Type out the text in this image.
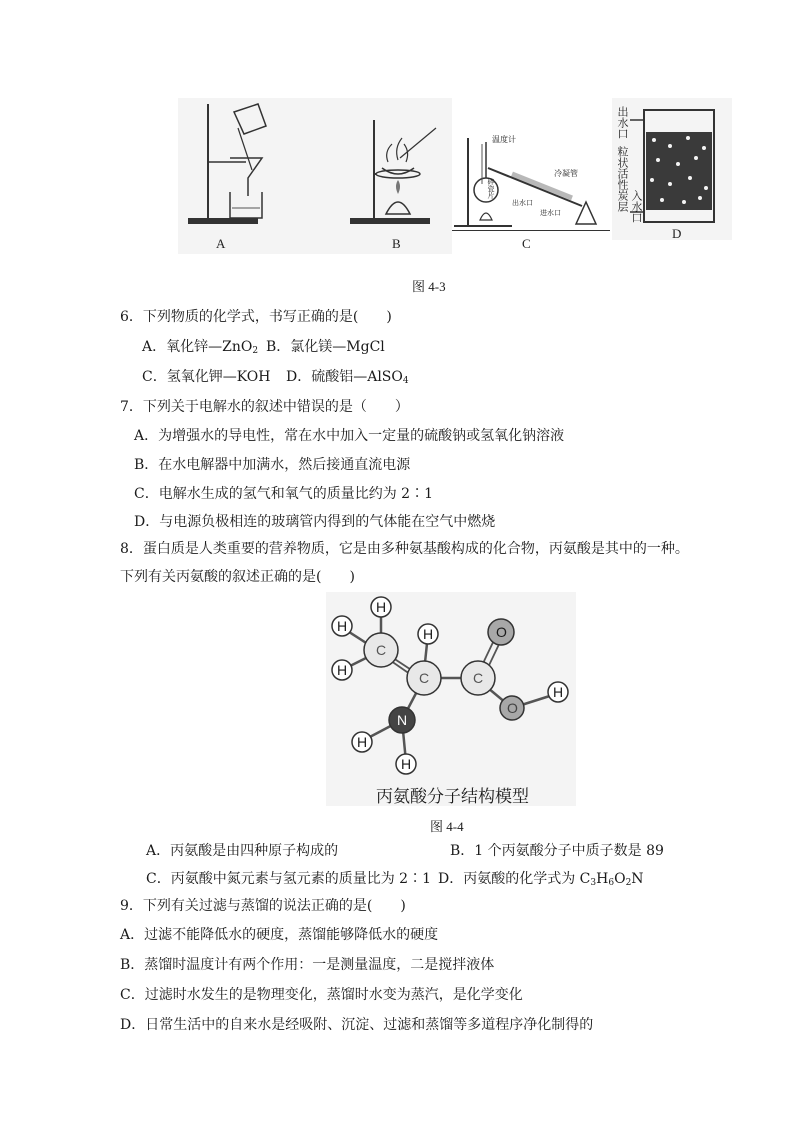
A	B
温度计
碎瓷片
冷凝管
出水口
进水口
C
出水口
粒状活性炭层 入水口
D
图 4-3
6．下列物质的化学式，书写正确的是(　　)
A．氧化锌—ZnO$_2$ B．氯化镁—MgCl
C．氢氧化钾—KOH D．硫酸铝—AlSO$_4$
7．下列关于电解水的叙述中错误的是（　　）
A．为增强水的导电性，常在水中加入一定量的硫酸钠或氢氧化钠溶液
B．在水电解器中加满水，然后接通直流电源
C．电解水生成的氢气和氧气的质量比约为 2∶1
D．与电源负极相连的玻璃管内得到的气体能在空气中燃烧
8．蛋白质是人类重要的营养物质，它是由多种氨基酸构成的化合物，丙氨酸是其中的一种。
下列有关丙氨酸的叙述正确的是(　　)
H
H
H
C
H
C	C
O
O
H
N
H
H
丙氨酸分子结构模型
图 4-4
A．丙氨酸是由四种原子构成的	B．1 个丙氨酸分子中质子数是 89
C．丙氨酸中氮元素与氢元素的质量比为 2∶1 D．丙氨酸的化学式为 $C_3H_6O_2N$
9．下列有关过滤与蒸馏的说法正确的是(　　)
A．过滤不能降低水的硬度，蒸馏能够降低水的硬度
B．蒸馏时温度计有两个作用：一是测量温度，二是搅拌液体
C．过滤时水发生的是物理变化，蒸馏时水变为蒸汽，是化学变化
D．日常生活中的自来水是经吸附、沉淀、过滤和蒸馏等多道程序净化制得的
